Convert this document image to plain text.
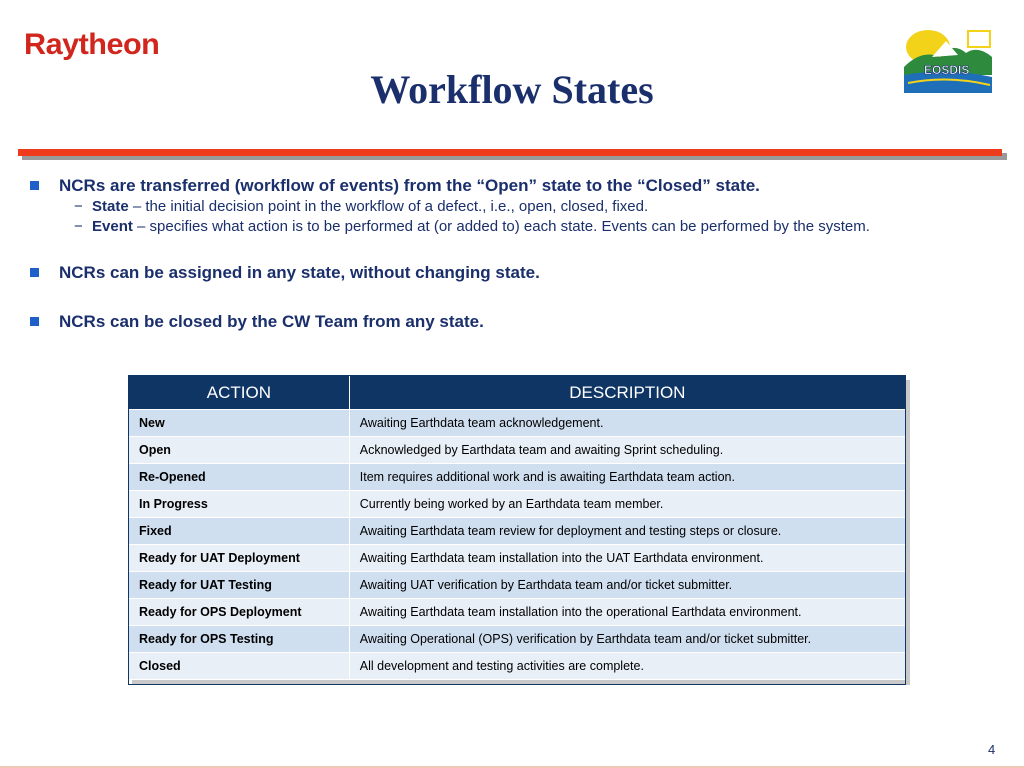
Raytheon
Workflow States	EOSDIS
NCRs are transferred (workflow of events) from the “Open” state to the “Closed” state.
− State – the initial decision point in the workflow of a defect., i.e., open, closed, fixed.
− Event – specifies what action is to be performed at (or added to) each state. Events can be performed by the system.
NCRs can be assigned in any state, without changing state.
NCRs can be closed by the CW Team from any state.
ACTION	DESCRIPTION
New	Awaiting Earthdata team acknowledgement.
Open	Acknowledged by Earthdata team and awaiting Sprint scheduling.
Re-Opened	Item requires additional work and is awaiting Earthdata team action.
In Progress	Currently being worked by an Earthdata team member.
Fixed	Awaiting Earthdata team review for deployment and testing steps or closure.
Ready for UAT Deployment	Awaiting Earthdata team installation into the UAT Earthdata environment.
Ready for UAT Testing	Awaiting UAT verification by Earthdata team and/or ticket submitter.
Ready for OPS Deployment	Awaiting Earthdata team installation into the operational Earthdata environment.
Ready for OPS Testing	Awaiting Operational (OPS) verification by Earthdata team and/or ticket submitter.
Closed	All development and testing activities are complete.
4
